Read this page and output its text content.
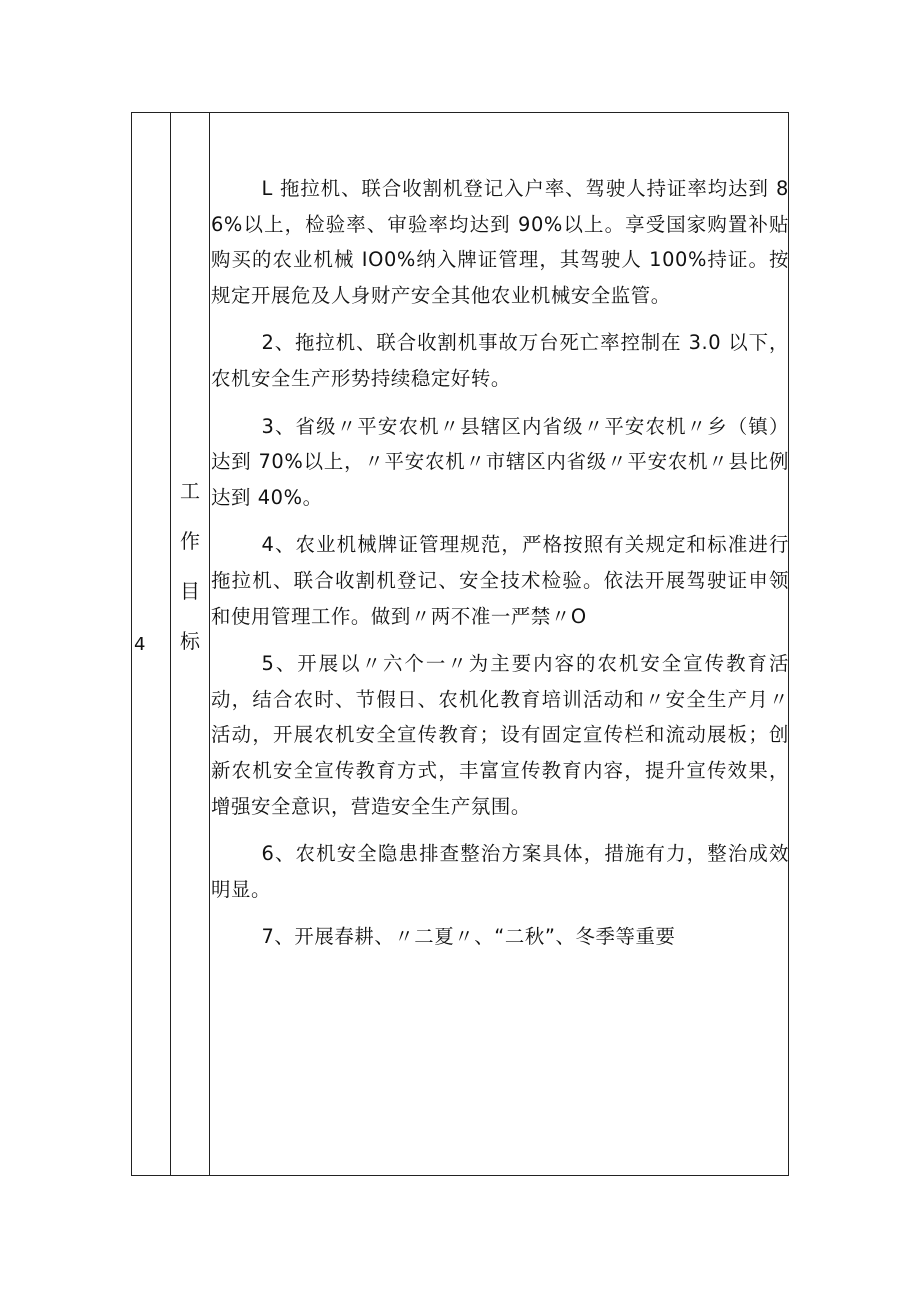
4
工
作
目
标

L 拖拉机、联合收割机登记入户率、驾驶人持证率均达到 86%以上，检验率、审验率均达到 90%以上。享受国家购置补贴购买的农业机械 IO0%纳入牌证管理，其驾驶人 100%持证。按规定开展危及人身财产安全其他农业机械安全监管。

2、拖拉机、联合收割机事故万台死亡率控制在 3.0 以下，农机安全生产形势持续稳定好转。

3、省级〃平安农机〃县辖区内省级〃平安农机〃乡（镇）达到 70%以上，〃平安农机〃市辖区内省级〃平安农机〃县比例达到 40%。

4、农业机械牌证管理规范，严格按照有关规定和标准进行拖拉机、联合收割机登记、安全技术检验。依法开展驾驶证申领和使用管理工作。做到〃两不准一严禁〃O

5、开展以〃六个一〃为主要内容的农机安全宣传教育活动，结合农时、节假日、农机化教育培训活动和〃安全生产月〃活动，开展农机安全宣传教育；设有固定宣传栏和流动展板；创新农机安全宣传教育方式，丰富宣传教育内容，提升宣传效果，增强安全意识，营造安全生产氛围。

6、农机安全隐患排查整治方案具体，措施有力，整治成效明显。

7、开展春耕、〃二夏〃、“二秋”、冬季等重要
